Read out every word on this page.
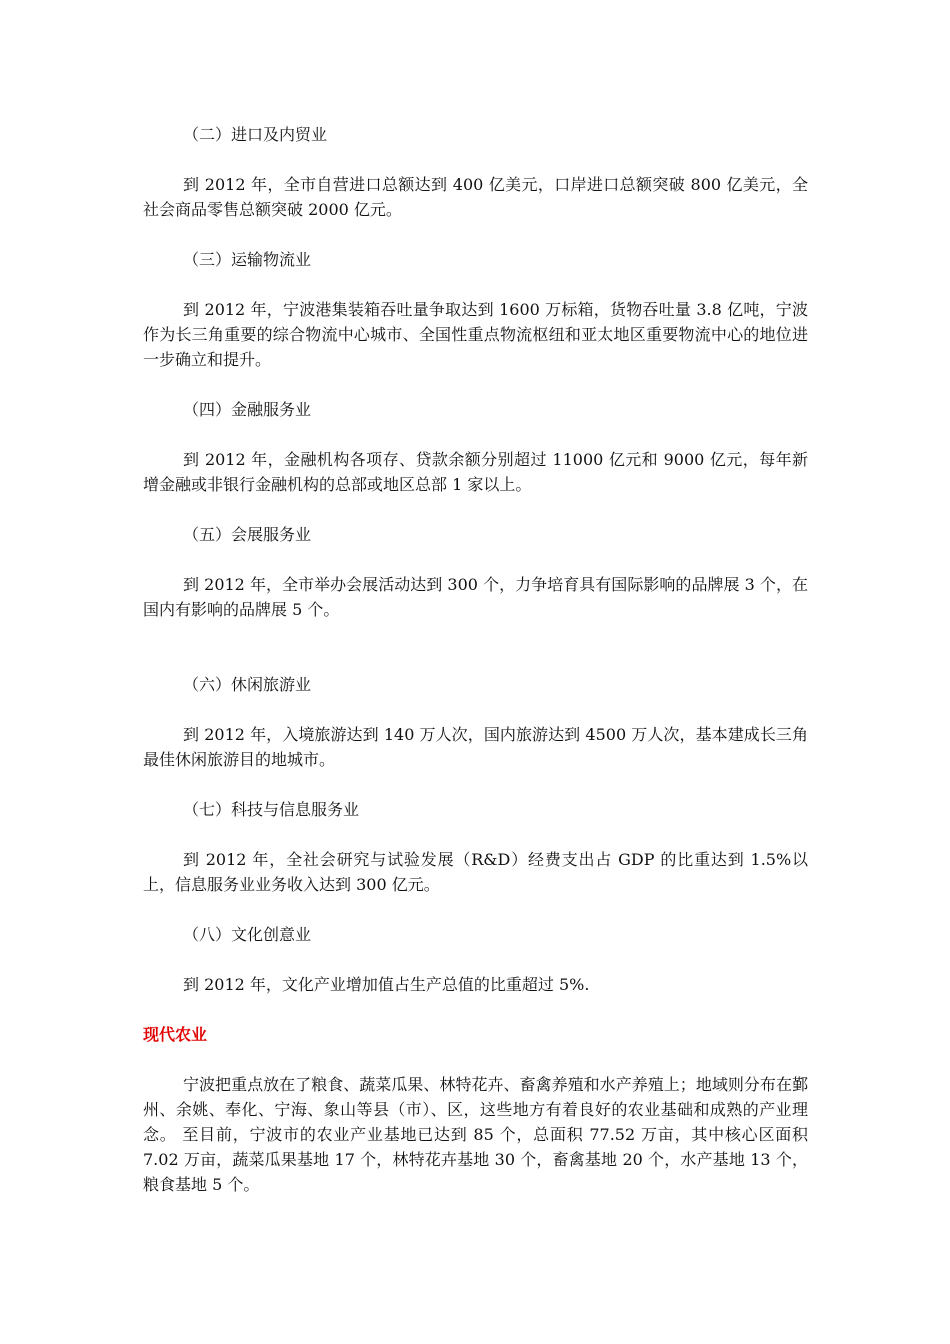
（二）进口及内贸业

到 2012 年，全市自营进口总额达到 400 亿美元，口岸进口总额突破 800 亿美元，全社会商品零售总额突破 2000 亿元。

（三）运输物流业

到 2012 年，宁波港集装箱吞吐量争取达到 1600 万标箱，货物吞吐量 3.8 亿吨，宁波作为长三角重要的综合物流中心城市、全国性重点物流枢纽和亚太地区重要物流中心的地位进一步确立和提升。

（四）金融服务业

到 2012 年，金融机构各项存、贷款余额分别超过 11000 亿元和 9000 亿元，每年新增金融或非银行金融机构的总部或地区总部 1 家以上。

（五）会展服务业

到 2012 年，全市举办会展活动达到 300 个，力争培育具有国际影响的品牌展 3 个，在国内有影响的品牌展 5 个。

（六）休闲旅游业

到 2012 年，入境旅游达到 140 万人次，国内旅游达到 4500 万人次，基本建成长三角最佳休闲旅游目的地城市。

（七）科技与信息服务业

到 2012 年，全社会研究与试验发展（R&D）经费支出占 GDP 的比重达到 1.5%以上，信息服务业业务收入达到 300 亿元。

（八）文化创意业

到 2012 年，文化产业增加值占生产总值的比重超过 5%.

现代农业

宁波把重点放在了粮食、蔬菜瓜果、林特花卉、畜禽养殖和水产养殖上；地域则分布在鄞州、余姚、奉化、宁海、象山等县（市）、区，这些地方有着良好的农业基础和成熟的产业理念。 至目前，宁波市的农业产业基地已达到 85 个，总面积 77.52 万亩，其中核心区面积 7.02 万亩，蔬菜瓜果基地 17 个，林特花卉基地 30 个，畜禽基地 20 个，水产基地 13 个，粮食基地 5 个。
